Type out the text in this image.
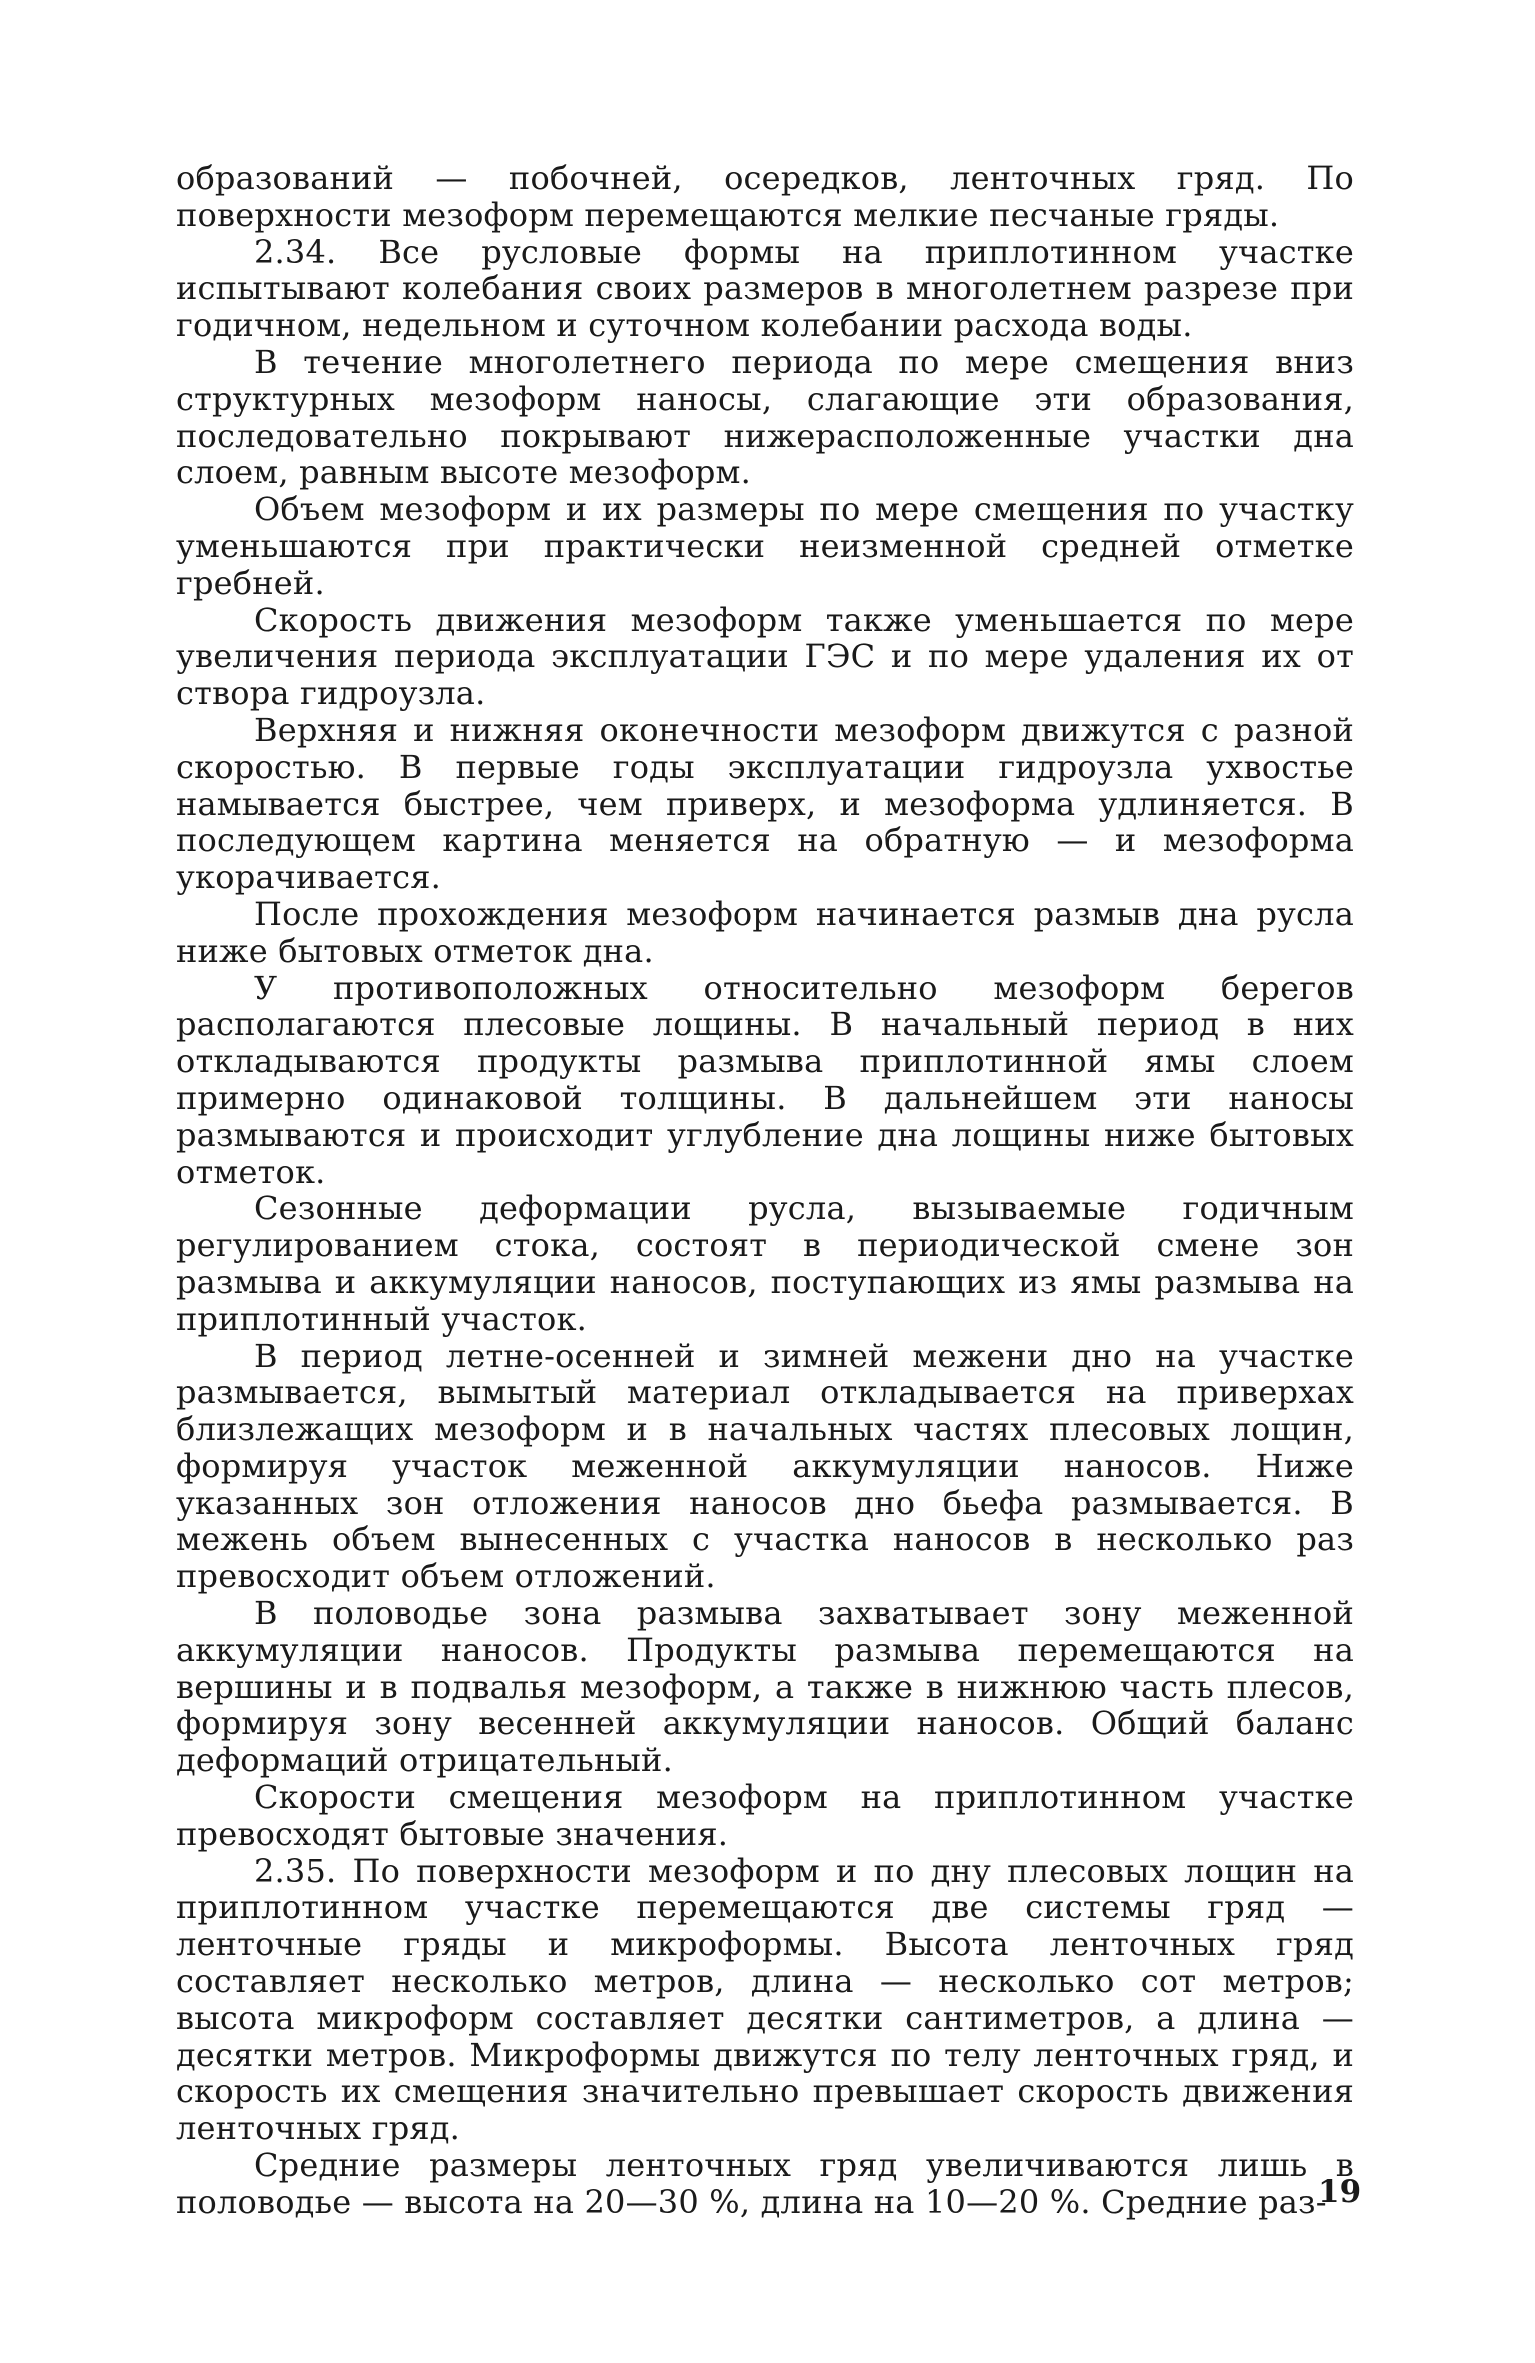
образований — побочней, осередков, ленточных гряд. По поверхности мезоформ перемещаются мелкие песчаные гряды.

2.34. Все русловые формы на приплотинном участке испытывают колебания своих размеров в многолетнем разрезе при годичном, недельном и суточном колебании расхода воды.

В течение многолетнего периода по мере смещения вниз структурных мезоформ наносы, слагающие эти образования, последовательно покрывают нижерасположенные участки дна слоем, равным высоте мезоформ.

Объем мезоформ и их размеры по мере смещения по участку уменьшаются при практически неизменной средней отметке гребней.

Скорость движения мезоформ также уменьшается по мере увеличения периода эксплуатации ГЭС и по мере удаления их от створа гидроузла.

Верхняя и нижняя оконечности мезоформ движутся с разной скоростью. В первые годы эксплуатации гидроузла ухвостье намывается быстрее, чем приверх, и мезоформа удлиняется. В последующем картина меняется на обратную — и мезоформа укорачивается.

После прохождения мезоформ начинается размыв дна русла ниже бытовых отметок дна.

У противоположных относительно мезоформ берегов располагаются плесовые лощины. В начальный период в них откладываются продукты размыва приплотинной ямы слоем примерно одинаковой толщины. В дальнейшем эти наносы размываются и происходит углубление дна лощины ниже бытовых отметок.

Сезонные деформации русла, вызываемые годичным регулированием стока, состоят в периодической смене зон размыва и аккумуляции наносов, поступающих из ямы размыва на приплотинный участок.

В период летне-осенней и зимней межени дно на участке размывается, вымытый материал откладывается на приверхах близлежащих мезоформ и в начальных частях плесовых лощин, формируя участок меженной аккумуляции наносов. Ниже указанных зон отложения наносов дно бьефа размывается. В межень объем вынесенных с участка наносов в несколько раз превосходит объем отложений.

В половодье зона размыва захватывает зону меженной аккумуляции наносов. Продукты размыва перемещаются на вершины и в подвалья мезоформ, а также в нижнюю часть плесов, формируя зону весенней аккумуляции наносов. Общий баланс деформаций отрицательный.

Скорости смещения мезоформ на приплотинном участке превосходят бытовые значения.

2.35. По поверхности мезоформ и по дну плесовых лощин на приплотинном участке перемещаются две системы гряд — ленточные гряды и микроформы. Высота ленточных гряд составляет несколько метров, длина — несколько сот метров; высота микроформ составляет десятки сантиметров, а длина — десятки метров. Микроформы движутся по телу ленточных гряд, и скорость их смещения значительно превышает скорость движения ленточных гряд.

Средние размеры ленточных гряд увеличиваются лишь в половодье — высота на 20—30 %, длина на 10—20 %. Средние раз-

19
